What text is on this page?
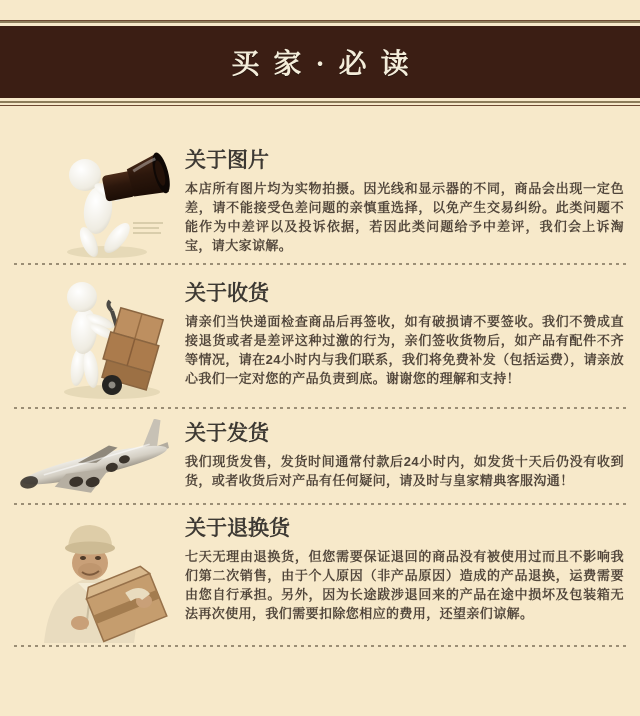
买家·必读
关于图片

本店所有图片均为实物拍摄。因光线和显示器的不同，商品会出现一定色差，请不能接受色差问题的亲慎重选择，以免产生交易纠纷。此类问题不能作为中差评以及投诉依据，若因此类问题给予中差评，我们会上诉淘宝，请大家谅解。

关于收货

请亲们当快递面检查商品后再签收，如有破损请不要签收。我们不赞成直接退货或者是差评这种过激的行为，亲们签收货物后，如产品有配件不齐等情况，请在24小时内与我们联系，我们将免费补发（包括运费），请亲放心我们一定对您的产品负责到底。谢谢您的理解和支持！

关于发货

我们现货发售，发货时间通常付款后24小时内，如发货十天后仍没有收到货，或者收货后对产品有任何疑问，请及时与皇家精典客服沟通！

关于退换货

七天无理由退换货，但您需要保证退回的商品没有被使用过而且不影响我们第二次销售，由于个人原因（非产品原因）造成的产品退换，运费需要由您自行承担。另外，因为长途跋涉退回来的产品在途中损坏及包装箱无法再次使用，我们需要扣除您相应的费用，还望亲们谅解。
